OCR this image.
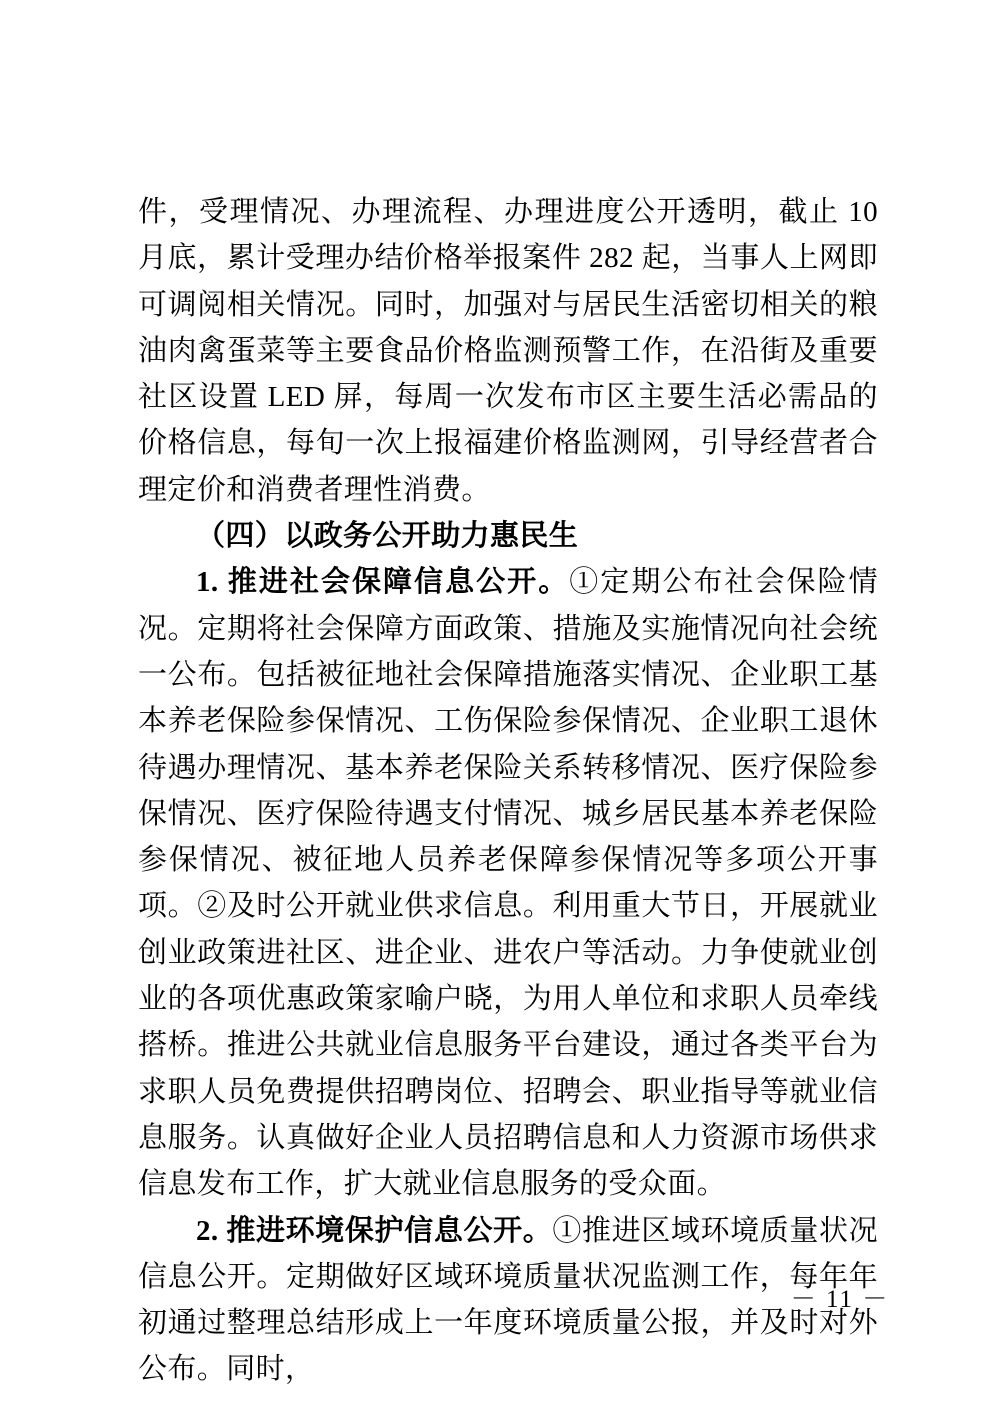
件，受理情况、办理流程、办理进度公开透明，截止 10 月底，累计受理办结价格举报案件 282 起，当事人上网即可调阅相关情况。同时，加强对与居民生活密切相关的粮油肉禽蛋菜等主要食品价格监测预警工作，在沿街及重要社区设置 LED 屏，每周一次发布市区主要生活必需品的价格信息，每旬一次上报福建价格监测网，引导经营者合理定价和消费者理性消费。

（四）以政务公开助力惠民生

1. 推进社会保障信息公开。①定期公布社会保险情况。定期将社会保障方面政策、措施及实施情况向社会统一公布。包括被征地社会保障措施落实情况、企业职工基本养老保险参保情况、工伤保险参保情况、企业职工退休待遇办理情况、基本养老保险关系转移情况、医疗保险参保情况、医疗保险待遇支付情况、城乡居民基本养老保险参保情况、被征地人员养老保障参保情况等多项公开事项。②及时公开就业供求信息。利用重大节日，开展就业创业政策进社区、进企业、进农户等活动。力争使就业创业的各项优惠政策家喻户晓，为用人单位和求职人员牵线搭桥。推进公共就业信息服务平台建设，通过各类平台为求职人员免费提供招聘岗位、招聘会、职业指导等就业信息服务。认真做好企业人员招聘信息和人力资源市场供求信息发布工作，扩大就业信息服务的受众面。

2. 推进环境保护信息公开。①推进区域环境质量状况信息公开。定期做好区域环境质量状况监测工作，每年年初通过整理总结形成上一年度环境质量公报，并及时对外公布。同时，

－ 11 －
